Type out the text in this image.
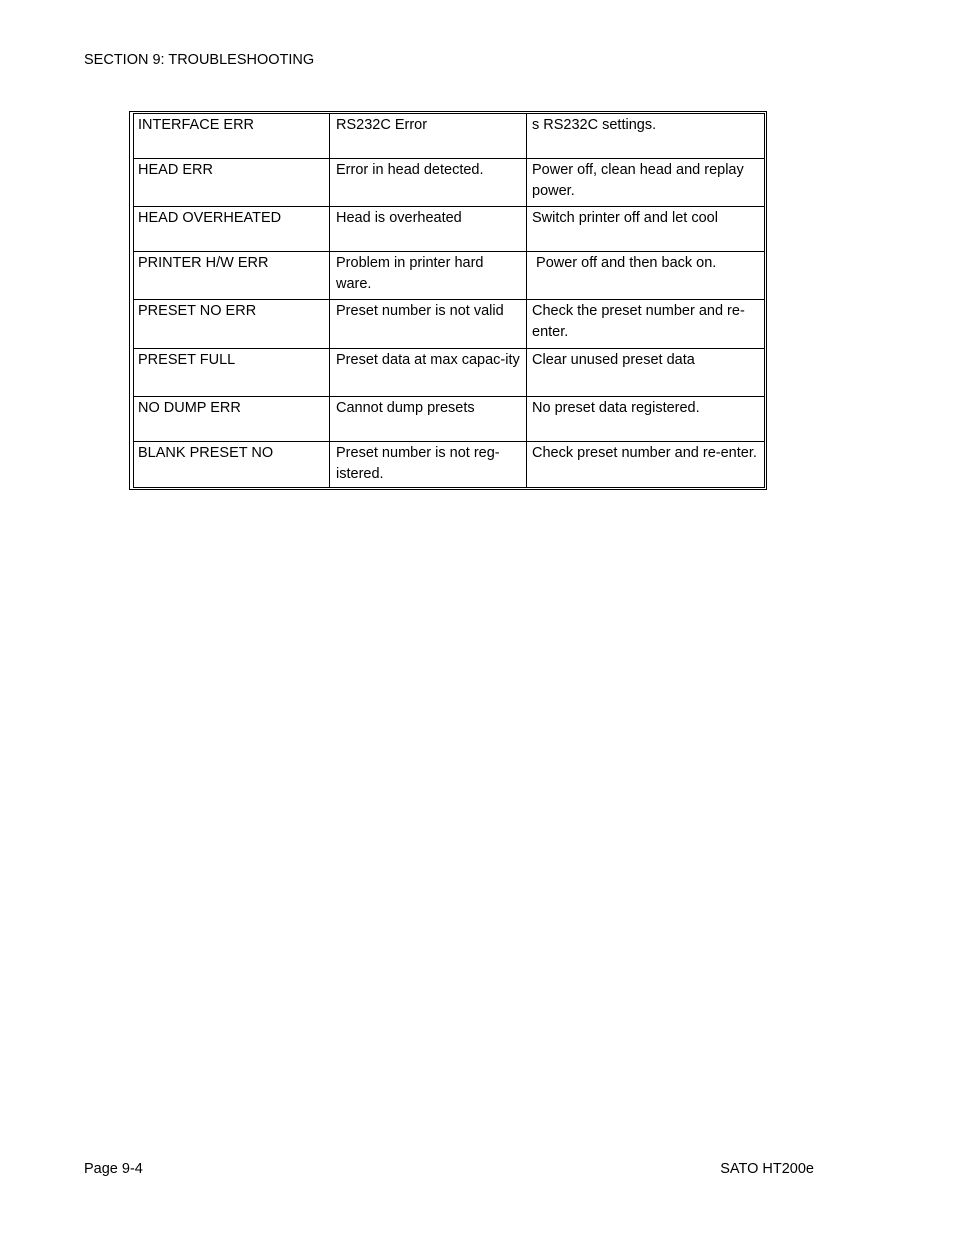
SECTION 9: TROUBLESHOOTING
INTERFACE ERR	RS232C Error	s RS232C settings.
HEAD ERR	Error in head detected.	Power off, clean head and replay power.
HEAD OVERHEATED	Head is overheated	Switch printer off and let cool
PRINTER H/W ERR	Problem in printer hard ware.	Power off and then back on.
PRESET NO ERR	Preset number is not valid	Check the preset number and re-enter.
PRESET FULL	Preset data at max capac-ity	Clear unused preset data
NO DUMP ERR	Cannot dump presets	No preset data registered.
BLANK PRESET NO	Preset number is not reg-istered.	Check preset number and re-enter.
Page 9-4	SATO HT200e
